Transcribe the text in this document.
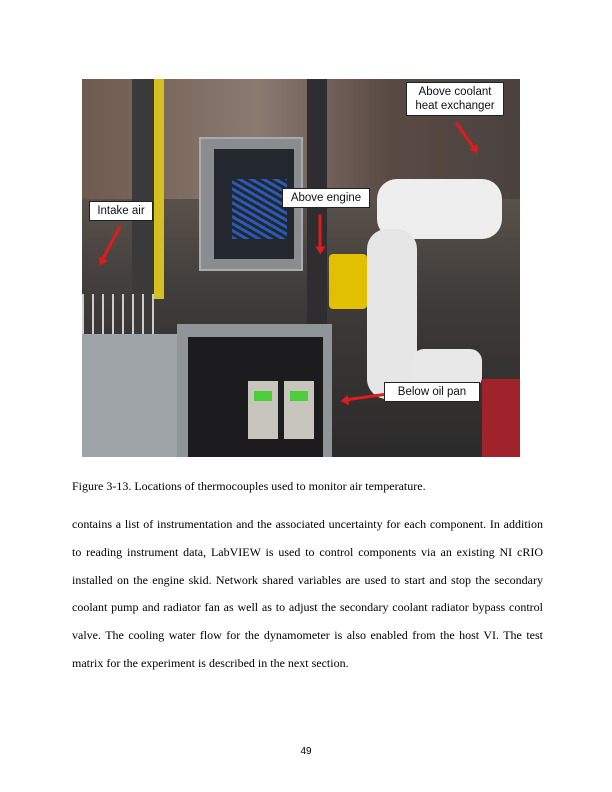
Above coolant heat exchanger
Above engine
Intake air
Below oil pan
Figure 3-13. Locations of thermocouples used to monitor air temperature.
contains a list of instrumentation and the associated uncertainty for each component. In addition to reading instrument data, LabVIEW is used to control components via an existing NI cRIO installed on the engine skid. Network shared variables are used to start and stop the secondary coolant pump and radiator fan as well as to adjust the secondary coolant radiator bypass control valve. The cooling water flow for the dynamometer is also enabled from the host VI. The test matrix for the experiment is described in the next section.
49
